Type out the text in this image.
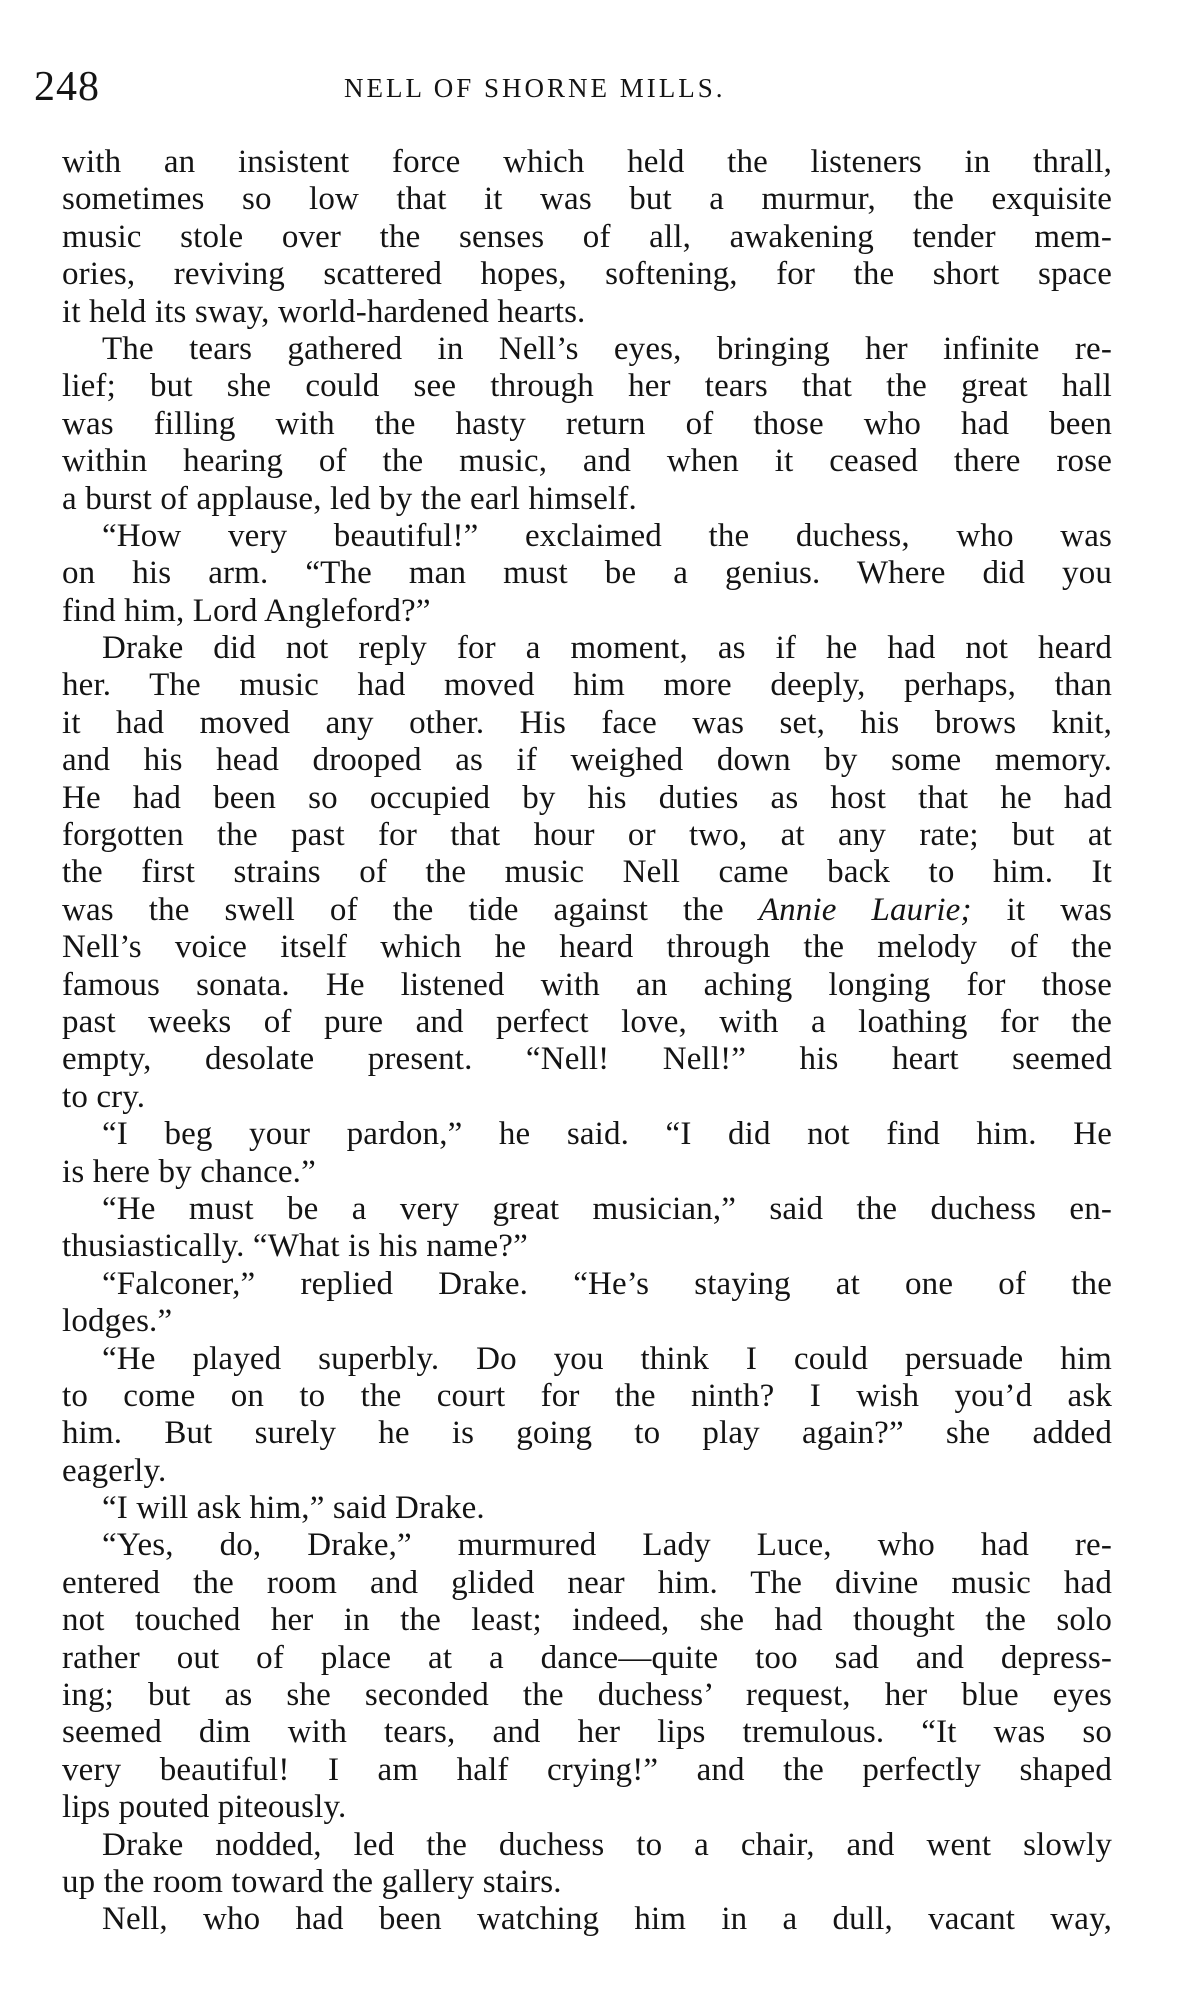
248	NELL OF SHORNE MILLS.
with an insistent force which held the listeners in thrall,
sometimes so low that it was but a murmur, the exquisite
music stole over the senses of all, awakening tender mem-
ories, reviving scattered hopes, softening, for the short space
it held its sway, world-hardened hearts.
The tears gathered in Nell’s eyes, bringing her infinite re-
lief; but she could see through her tears that the great hall
was filling with the hasty return of those who had been
within hearing of the music, and when it ceased there rose
a burst of applause, led by the earl himself.
“How very beautiful!” exclaimed the duchess, who was
on his arm. “The man must be a genius. Where did you
find him, Lord Angleford?”
Drake did not reply for a moment, as if he had not heard
her. The music had moved him more deeply, perhaps, than
it had moved any other. His face was set, his brows knit,
and his head drooped as if weighed down by some memory.
He had been so occupied by his duties as host that he had
forgotten the past for that hour or two, at any rate; but at
the first strains of the music Nell came back to him. It
was the swell of the tide against the Annie Laurie; it was
Nell’s voice itself which he heard through the melody of the
famous sonata. He listened with an aching longing for those
past weeks of pure and perfect love, with a loathing for the
empty, desolate present. “Nell! Nell!” his heart seemed
to cry.
“I beg your pardon,” he said. “I did not find him. He
is here by chance.”
“He must be a very great musician,” said the duchess en-
thusiastically. “What is his name?”
“Falconer,” replied Drake. “He’s staying at one of the
lodges.”
“He played superbly. Do you think I could persuade him
to come on to the court for the ninth? I wish you’d ask
him. But surely he is going to play again?” she added
eagerly.
“I will ask him,” said Drake.
“Yes, do, Drake,” murmured Lady Luce, who had re-
entered the room and glided near him. The divine music had
not touched her in the least; indeed, she had thought the solo
rather out of place at a dance—quite too sad and depress-
ing; but as she seconded the duchess’ request, her blue eyes
seemed dim with tears, and her lips tremulous. “It was so
very beautiful! I am half crying!” and the perfectly shaped
lips pouted piteously.
Drake nodded, led the duchess to a chair, and went slowly
up the room toward the gallery stairs.
Nell, who had been watching him in a dull, vacant way,
